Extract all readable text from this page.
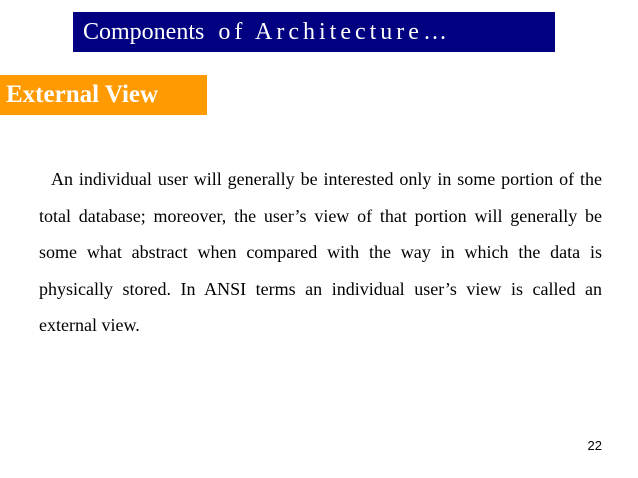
Components of Architecture…
External View

An individual user will generally be interested only in some portion of the total database; moreover, the user’s view of that portion will generally be some what abstract when compared with the way in which the data is physically stored. In ANSI terms an individual user’s view is called an external view.

22
